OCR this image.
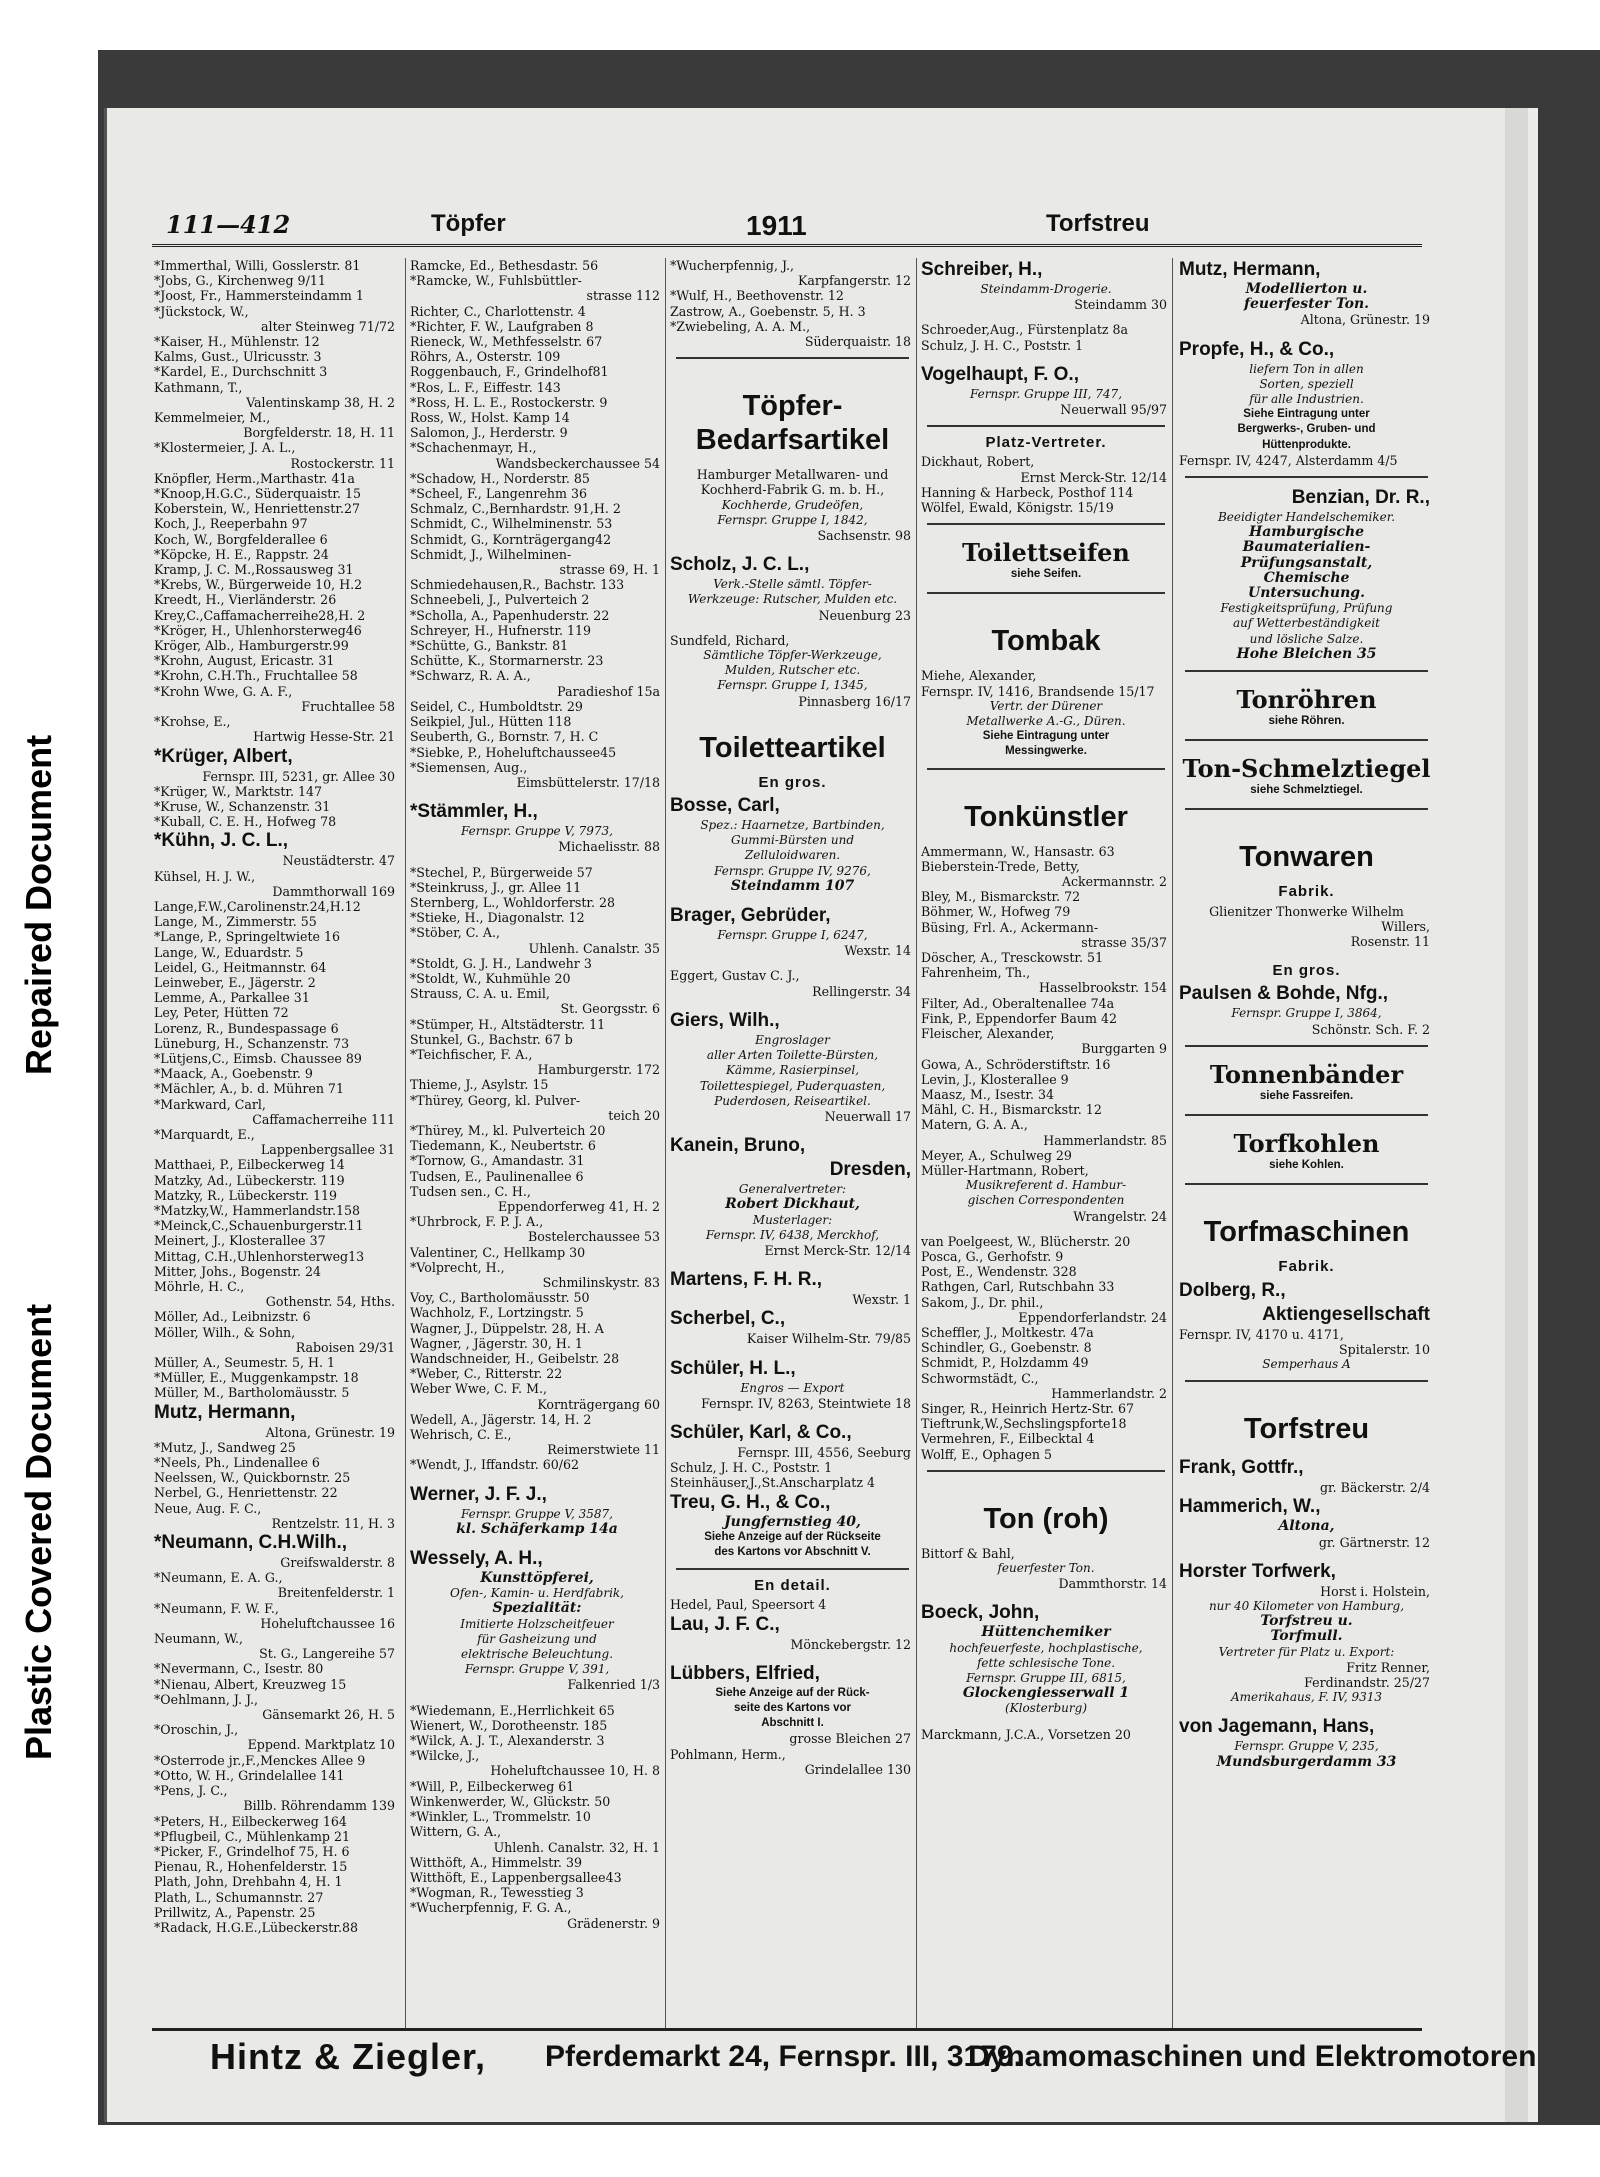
Repaired Document
Plastic Covered Document
111—412	Töpfer	1911	Torfstreu

*Immerthal, Willi, Gosslerstr. 81

*Jobs, G., Kirchenweg 9/11

*Joost, Fr., Hammersteindamm 1

*Jückstock, W.,

alter Steinweg 71/72

*Kaiser, H., Mühlenstr. 12

Kalms, Gust., Ulricusstr. 3

*Kardel, E., Durchschnitt 3

Kathmann, T.,

Valentinskamp 38, H. 2

Kemmelmeier, M.,

Borgfelderstr. 18, H. 11

*Klostermeier, J. A. L.,

Rostockerstr. 11

Knöpfler, Herm.,Marthastr. 41a

*Knoop,H.G.C., Süderquaistr. 15

Koberstein, W., Henriettenstr.27

Koch, J., Reeperbahn 97

Koch, W., Borgfelderallee 6

*Köpcke, H. E., Rappstr. 24

Kramp, J. C. M.,Rossausweg 31

*Krebs, W., Bürgerweide 10, H.2

Kreedt, H., Vierländerstr. 26

Krey,C.,Caffamacherreihe28,H. 2

*Kröger, H., Uhlenhorsterweg46

Kröger, Alb., Hamburgerstr.99

*Krohn, August, Ericastr. 31

*Krohn, C.H.Th., Fruchtallee 58

*Krohn Wwe, G. A. F.,

Fruchtallee 58

*Krohse, E.,

Hartwig Hesse-Str. 21

*Krüger, Albert,

Fernspr. III, 5231, gr. Allee 30

*Krüger, W., Marktstr. 147

*Kruse, W., Schanzenstr. 31

*Kuball, C. E. H., Hofweg 78

*Kühn, J. C. L.,

Neustädterstr. 47

Kühsel, H. J. W.,

Dammthorwall 169

Lange,F.W.,Carolinenstr.24,H.12

Lange, M., Zimmerstr. 55

*Lange, P., Springeltwiete 16

Lange, W., Eduardstr. 5

Leidel, G., Heitmannstr. 64

Leinweber, E., Jägerstr. 2

Lemme, A., Parkallee 31

Ley, Peter, Hütten 72

Lorenz, R., Bundespassage 6

Lüneburg, H., Schanzenstr. 73

*Lütjens,C., Eimsb. Chaussee 89

*Maack, A., Goebenstr. 9

*Mächler, A., b. d. Mühren 71

*Markward, Carl,

Caffamacherreihe 111

*Marquardt, E.,

Lappenbergsallee 31

Matthaei, P., Eilbeckerweg 14

Matzky, Ad., Lübeckerstr. 119

Matzky, R., Lübeckerstr. 119

*Matzky,W., Hammerlandstr.158

*Meinck,C.,Schauenburgerstr.11

Meinert, J., Klosterallee 37

Mittag, C.H.,Uhlenhorsterweg13

Mitter, Johs., Bogenstr. 24

Möhrle, H. C.,

Gothenstr. 54, Hths.

Möller, Ad., Leibnizstr. 6

Möller, Wilh., & Sohn,

Raboisen 29/31

Müller, A., Seumestr. 5, H. 1

*Müller, E., Muggenkampstr. 18

Müller, M., Bartholomäusstr. 5

Mutz, Hermann,

Altona, Grünestr. 19

*Mutz, J., Sandweg 25

*Neels, Ph., Lindenallee 6

Neelssen, W., Quickbornstr. 25

Nerbel, G., Henriettenstr. 22

Neue, Aug. F. C.,

Rentzelstr. 11, H. 3

*Neumann, C.H.Wilh.,

Greifswalderstr. 8

*Neumann, E. A. G.,

Breitenfelderstr. 1

*Neumann, F. W. F.,

Hoheluftchaussee 16

Neumann, W.,

St. G., Langereihe 57

*Nevermann, C., Isestr. 80

*Nienau, Albert, Kreuzweg 15

*Oehlmann, J. J.,

Gänsemarkt 26, H. 5

*Oroschin, J.,

Eppend. Marktplatz 10

*Osterrode jr.,F.,Menckes Allee 9

*Otto, W. H., Grindelallee 141

*Pens, J. C.,

Billb. Röhrendamm 139

*Peters, H., Eilbeckerweg 164

*Pflugbeil, C., Mühlenkamp 21

*Picker, F., Grindelhof 75, H. 6

Pienau, R., Hohenfelderstr. 15

Plath, John, Drehbahn 4, H. 1

Plath, L., Schumannstr. 27

Prillwitz, A., Papenstr. 25

*Radack, H.G.E.,Lübeckerstr.88

Ramcke, Ed., Bethesdastr. 56

*Ramcke, W., Fuhlsbüttler-

strasse 112

Richter, C., Charlottenstr. 4

*Richter, F. W., Laufgraben 8

Rieneck, W., Methfesselstr. 67

Röhrs, A., Osterstr. 109

Roggenbauch, F., Grindelhof81

*Ros, L. F., Eiffestr. 143

*Ross, H. L. E., Rostockerstr. 9

Ross, W., Holst. Kamp 14

Salomon, J., Herderstr. 9

*Schachenmayr, H.,

Wandsbeckerchaussee 54

*Schadow, H., Norderstr. 85

*Scheel, F., Langenrehm 36

Schmalz, C.,Bernhardstr. 91,H. 2

Schmidt, C., Wilhelminenstr. 53

Schmidt, G., Kornträgergang42

Schmidt, J., Wilhelminen-

strasse 69, H. 1

Schmiedehausen,R., Bachstr. 133

Schneebeli, J., Pulverteich 2

*Scholla, A., Papenhuderstr. 22

Schreyer, H., Hufnerstr. 119

*Schütte, G., Bankstr. 81

Schütte, K., Stormarnerstr. 23

*Schwarz, R. A. A.,

Paradieshof 15a

Seidel, C., Humboldtstr. 29

Seikpiel, Jul., Hütten 118

Seuberth, G., Bornstr. 7, H. C

*Siebke, P., Hoheluftchaussee45

*Siemensen, Aug.,

Eimsbüttelerstr. 17/18

*Stämmler, H.,

Fernspr. Gruppe V, 7973,

Michaelisstr. 88

*Stechel, P., Bürgerweide 57

*Steinkruss, J., gr. Allee 11

Sternberg, L., Wohldorferstr. 28

*Stieke, H., Diagonalstr. 12

*Stöber, C. A.,

Uhlenh. Canalstr. 35

*Stoldt, G. J. H., Landwehr 3

*Stoldt, W., Kuhmühle 20

Strauss, C. A. u. Emil,

St. Georgsstr. 6

*Stümper, H., Altstädterstr. 11

Stunkel, G., Bachstr. 67 b

*Teichfischer, F. A.,

Hamburgerstr. 172

Thieme, J., Asylstr. 15

*Thürey, Georg, kl. Pulver-

teich 20

*Thürey, M., kl. Pulverteich 20

Tiedemann, K., Neubertstr. 6

*Tornow, G., Amandastr. 31

Tudsen, E., Paulinenallee 6

Tudsen sen., C. H.,

Eppendorferweg 41, H. 2

*Uhrbrock, F. P. J. A.,

Bostelerchaussee 53

Valentiner, C., Hellkamp 30

*Volprecht, H.,

Schmilinskystr. 83

Voy, C., Bartholomäusstr. 50

Wachholz, F., Lortzingstr. 5

Wagner, J., Düppelstr. 28, H. A

Wagner, , Jägerstr. 30, H. 1

Wandschneider, H., Geibelstr. 28

*Weber, C., Ritterstr. 22

Weber Wwe, C. F. M.,

Kornträgergang 60

Wedell, A., Jägerstr. 14, H. 2

Wehrisch, C. E.,

Reimerstwiete 11

*Wendt, J., Iffandstr. 60/62

Werner, J. F. J.,

Fernspr. Gruppe V, 3587,

kl. Schäferkamp 14a

Wessely, A. H.,

Kunsttöpferei,

Ofen-, Kamin- u. Herdfabrik,

Spezialität:

Imitierte Holzscheitfeuer

für Gasheizung und

elektrische Beleuchtung.

Fernspr. Gruppe V, 391,

Falkenried 1/3

*Wiedemann, E.,Herrlichkeit 65

Wienert, W., Dorotheenstr. 185

*Wilck, A. J. T., Alexanderstr. 3

*Wilcke, J.,

Hoheluftchaussee 10, H. 8

*Will, P., Eilbeckerweg 61

Winkenwerder, W., Glückstr. 50

*Winkler, L., Trommelstr. 10

Wittern, G. A.,

Uhlenh. Canalstr. 32, H. 1

Witthöft, A., Himmelstr. 39

Witthöft, E., Lappenbergsallee43

*Wogman, R., Tewesstieg 3

*Wucherpfennig, F. G. A.,

Grädenerstr. 9

*Wucherpfennig, J.,

Karpfangerstr. 12

*Wulf, H., Beethovenstr. 12

Zastrow, A., Goebenstr. 5, H. 3

*Zwiebeling, A. A. M.,

Süderquaistr. 18

Töpfer-Bedarfsartikel

Hamburger Metallwaren- und

Kochherd-Fabrik G. m. b. H.,

Kochherde, Grudeöfen,

Fernspr. Gruppe I, 1842,

Sachsenstr. 98

Scholz, J. C. L.,

Verk.-Stelle sämtl. Töpfer-

Werkzeuge: Rutscher, Mulden etc.

Neuenburg 23

Sundfeld, Richard,

Sämtliche Töpfer-Werkzeuge,

Mulden, Rutscher etc.

Fernspr. Gruppe I, 1345,

Pinnasberg 16/17

Toiletteartikel

En gros.

Bosse, Carl,

Spez.: Haarnetze, Bartbinden,

Gummi-Bürsten und

Zelluloidwaren.

Fernspr. Gruppe IV, 9276,

Steindamm 107

Brager, Gebrüder,

Fernspr. Gruppe I, 6247,

Wexstr. 14

Eggert, Gustav C. J.,

Rellingerstr. 34

Giers, Wilh.,

Engroslager

aller Arten Toilette-Bürsten,

Kämme, Rasierpinsel,

Toilettespiegel, Puderquasten,

Puderdosen, Reiseartikel.

Neuerwall 17

Kanein, Bruno,

Dresden,

Generalvertreter:

Robert Dickhaut,

Musterlager:

Fernspr. IV, 6438, Merckhof,

Ernst Merck-Str. 12/14

Martens, F. H. R.,

Wexstr. 1

Scherbel, C.,

Kaiser Wilhelm-Str. 79/85

Schüler, H. L.,

Engros — Export

Fernspr. IV, 8263, Steintwiete 18

Schüler, Karl, & Co.,

Fernspr. III, 4556, Seeburg

Schulz, J. H. C., Poststr. 1

Steinhäuser,J.,St.Anscharplatz 4

Treu, G. H., & Co.,

Jungfernstieg 40,

Siehe Anzeige auf der Rückseite

des Kartons vor Abschnitt V.

En detail.

Hedel, Paul, Speersort 4

Lau, J. F. C.,

Mönckebergstr. 12

Lübbers, Elfried,

Siehe Anzeige auf der Rück-

seite des Kartons vor

Abschnitt I.

grosse Bleichen 27

Pohlmann, Herm.,

Grindelallee 130

Schreiber, H.,

Steindamm-Drogerie.

Steindamm 30

Schroeder,Aug., Fürstenplatz 8a

Schulz, J. H. C., Poststr. 1

Vogelhaupt, F. O.,

Fernspr. Gruppe III, 747,

Neuerwall 95/97

Platz-Vertreter.

Dickhaut, Robert,

Ernst Merck-Str. 12/14

Hanning & Harbeck, Posthof 114

Wölfel, Ewald, Königstr. 15/19

Toilettseifen

siehe Seifen.

Tombak

Miehe, Alexander,

Fernspr. IV, 1416, Brandsende 15/17

Vertr. der Dürener

Metallwerke A.-G., Düren.

Siehe Eintragung unter

Messingwerke.

Tonkünstler

Ammermann, W., Hansastr. 63

Bieberstein-Trede, Betty,

Ackermannstr. 2

Bley, M., Bismarckstr. 72

Böhmer, W., Hofweg 79

Büsing, Frl. A., Ackermann-

strasse 35/37

Döscher, A., Tresckowstr. 51

Fahrenheim, Th.,

Hasselbrookstr. 154

Filter, Ad., Oberaltenallee 74a

Fink, P., Eppendorfer Baum 42

Fleischer, Alexander,

Burggarten 9

Gowa, A., Schröderstiftstr. 16

Levin, J., Klosterallee 9

Maasz, M., Isestr. 34

Mähl, C. H., Bismarckstr. 12

Matern, G. A. A.,

Hammerlandstr. 85

Meyer, A., Schulweg 29

Müller-Hartmann, Robert,

Musikreferent d. Hambur-

gischen Correspondenten

Wrangelstr. 24

van Poelgeest, W., Blücherstr. 20

Posca, G., Gerhofstr. 9

Post, E., Wendenstr. 328

Rathgen, Carl, Rutschbahn 33

Sakom, J., Dr. phil.,

Eppendorferlandstr. 24

Scheffler, J., Moltkestr. 47a

Schindler, G., Goebenstr. 8

Schmidt, P., Holzdamm 49

Schwormstädt, C.,

Hammerlandstr. 2

Singer, R., Heinrich Hertz-Str. 67

Tieftrunk,W.,Sechslingspforte18

Vermehren, F., Eilbecktal 4

Wolff, E., Ophagen 5

Ton (roh)

Bittorf & Bahl,

feuerfester Ton.

Dammthorstr. 14

Boeck, John,

Hüttenchemiker

hochfeuerfeste, hochplastische,

fette schlesische Tone.

Fernspr. Gruppe III, 6815,

Glockengiesserwall 1

(Klosterburg)

Marckmann, J.C.A., Vorsetzen 20

Mutz, Hermann,

Modellierton u.

feuerfester Ton.

Altona, Grünestr. 19

Propfe, H., & Co.,

liefern Ton in allen

Sorten, speziell

für alle Industrien.

Siehe Eintragung unter

Bergwerks-, Gruben- und

Hüttenprodukte.

Fernspr. IV, 4247, Alsterdamm 4/5

Benzian, Dr. R.,

Beeidigter Handelschemiker.

Hamburgische

Baumaterialien-

Prüfungsanstalt,

Chemische

Untersuchung.

Festigkeitsprüfung, Prüfung

auf Wetterbeständigkeit

und lösliche Salze.

Hohe Bleichen 35

Tonröhren

siehe Röhren.

Ton-Schmelztiegel

siehe Schmelztiegel.

Tonwaren

Fabrik.

Glienitzer Thonwerke Wilhelm

Willers,

Rosenstr. 11

En gros.

Paulsen & Bohde, Nfg.,

Fernspr. Gruppe I, 3864,

Schönstr. Sch. F. 2

Tonnenbänder

siehe Fassreifen.

Torfkohlen

siehe Kohlen.

Torfmaschinen

Fabrik.

Dolberg, R.,

Aktiengesellschaft

Fernspr. IV, 4170 u. 4171,

Spitalerstr. 10

Semperhaus A

Torfstreu

Frank, Gottfr.,

gr. Bäckerstr. 2/4

Hammerich, W.,

Altona,

gr. Gärtnerstr. 12

Horster Torfwerk,

Horst i. Holstein,

nur 40 Kilometer von Hamburg,

Torfstreu u.

Torfmull.

Vertreter für Platz u. Export:

Fritz Renner,

Ferdinandstr. 25/27

Amerikahaus, F. IV, 9313

von Jagemann, Hans,

Fernspr. Gruppe V, 235,

Mundsburgerdamm 33

Hintz & Ziegler, Pferdemarkt 24, Fernspr. III, 3179.
Dynamomaschinen und Elektromotoren
